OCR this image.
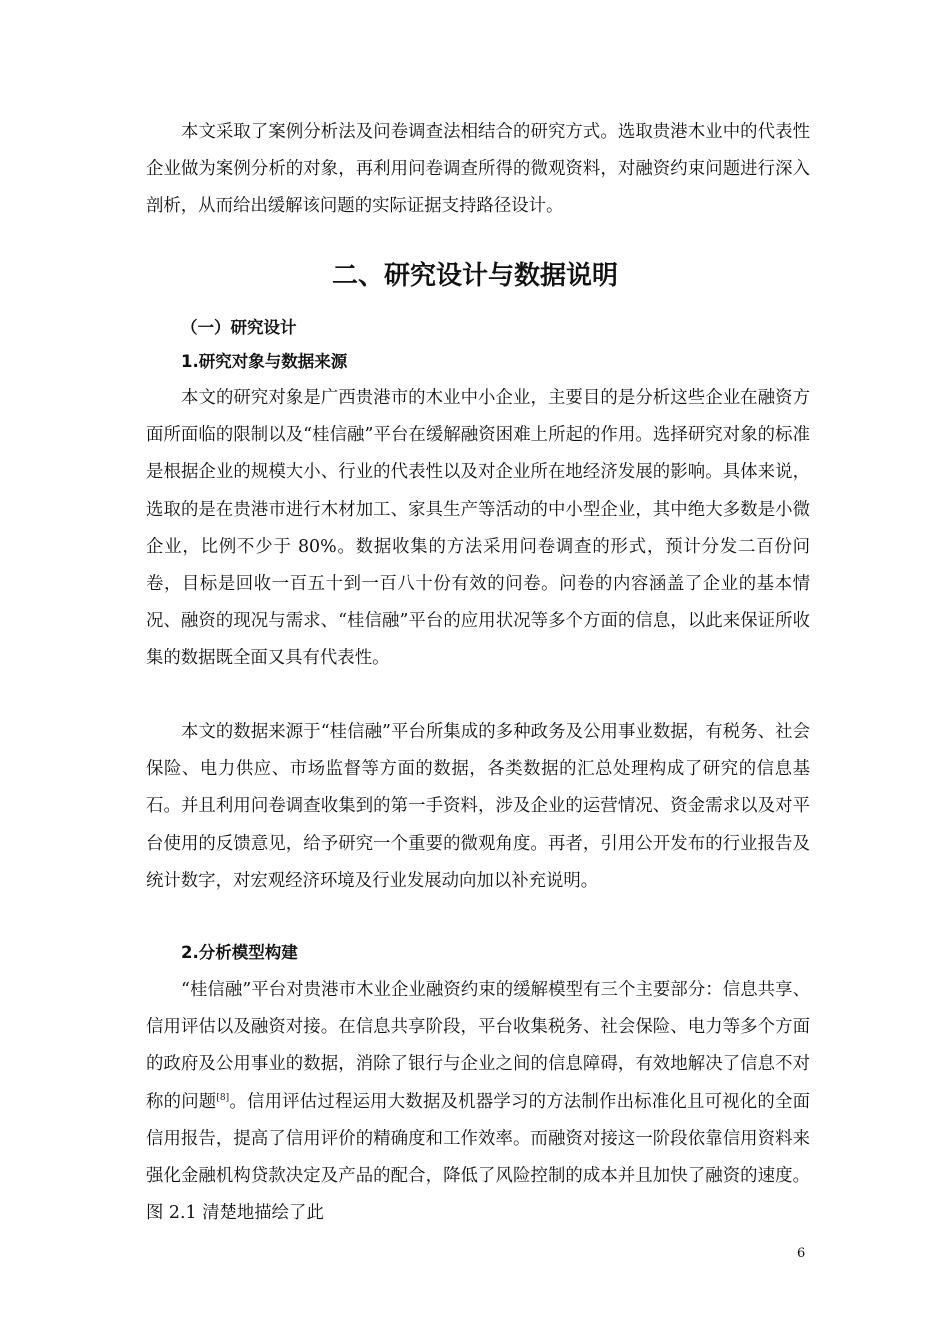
本文采取了案例分析法及问卷调查法相结合的研究方式。选取贵港木业中的代表性企业做为案例分析的对象，再利用问卷调查所得的微观资料，对融资约束问题进行深入剖析，从而给出缓解该问题的实际证据支持路径设计。

二、研究设计与数据说明
（一）研究设计
1.研究对象与数据来源

本文的研究对象是广西贵港市的木业中小企业，主要目的是分析这些企业在融资方面所面临的限制以及“桂信融”平台在缓解融资困难上所起的作用。选择研究对象的标准是根据企业的规模大小、行业的代表性以及对企业所在地经济发展的影响。具体来说，选取的是在贵港市进行木材加工、家具生产等活动的中小型企业，其中绝大多数是小微企业，比例不少于 80%。数据收集的方法采用问卷调查的形式，预计分发二百份问卷，目标是回收一百五十到一百八十份有效的问卷。问卷的内容涵盖了企业的基本情况、融资的现况与需求、“桂信融”平台的应用状况等多个方面的信息，以此来保证所收集的数据既全面又具有代表性。

本文的数据来源于“桂信融”平台所集成的多种政务及公用事业数据，有税务、社会保险、电力供应、市场监督等方面的数据，各类数据的汇总处理构成了研究的信息基石。并且利用问卷调查收集到的第一手资料，涉及企业的运营情况、资金需求以及对平台使用的反馈意见，给予研究一个重要的微观角度。再者，引用公开发布的行业报告及统计数字，对宏观经济环境及行业发展动向加以补充说明。

2.分析模型构建

“桂信融”平台对贵港市木业企业融资约束的缓解模型有三个主要部分：信息共享、信用评估以及融资对接。在信息共享阶段，平台收集税务、社会保险、电力等多个方面的政府及公用事业的数据，消除了银行与企业之间的信息障碍，有效地解决了信息不对称的问题[8]。信用评估过程运用大数据及机器学习的方法制作出标准化且可视化的全面信用报告，提高了信用评价的精确度和工作效率。而融资对接这一阶段依靠信用资料来强化金融机构贷款决定及产品的配合，降低了风险控制的成本并且加快了融资的速度。图 2.1 清楚地描绘了此

6
